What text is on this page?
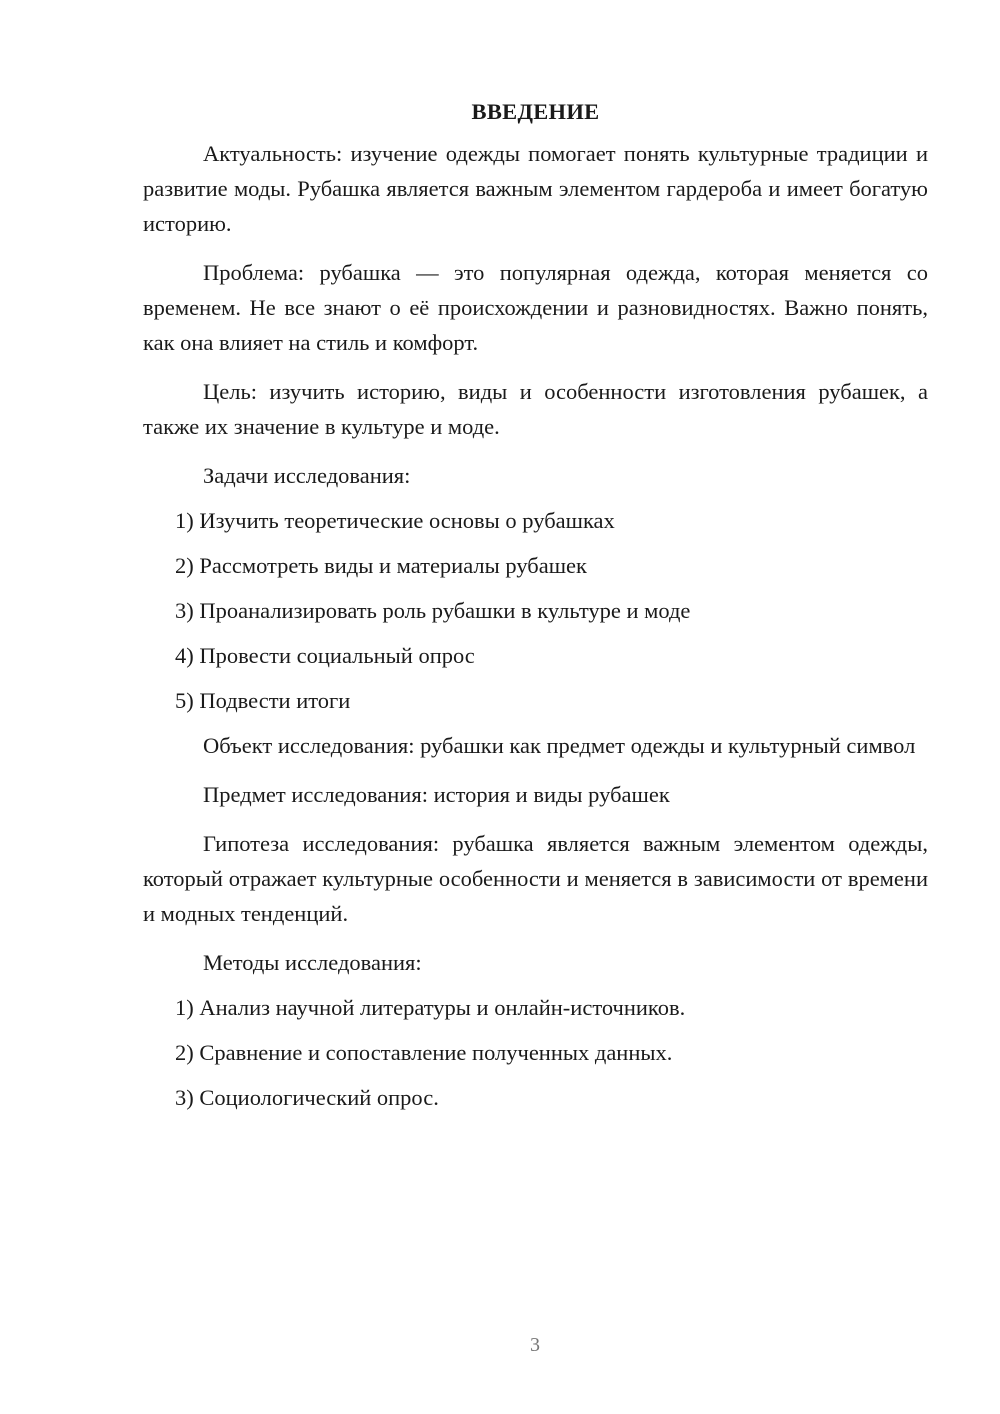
ВВЕДЕНИЕ

Актуальность: изучение одежды помогает понять культурные традиции и развитие моды. Рубашка является важным элементом гардероба и имеет богатую историю.

Проблема: рубашка — это популярная одежда, которая меняется со временем. Не все знают о её происхождении и разновидностях. Важно понять, как она влияет на стиль и комфорт.

Цель: изучить историю, виды и особенности изготовления рубашек, а также их значение в культуре и моде.

Задачи исследования:

1) Изучить теоретические основы о рубашках
2) Рассмотреть виды и материалы рубашек
3) Проанализировать роль рубашки в культуре и моде
4) Провести социальный опрос
5) Подвести итоги

Объект исследования: рубашки как предмет одежды и культурный символ

Предмет исследования: история и виды рубашек

Гипотеза исследования: рубашка является важным элементом одежды, который отражает культурные особенности и меняется в зависимости от времени и модных тенденций.

Методы исследования:

1) Анализ научной литературы и онлайн-источников.
2) Сравнение и сопоставление полученных данных.
3) Социологический опрос.
3
